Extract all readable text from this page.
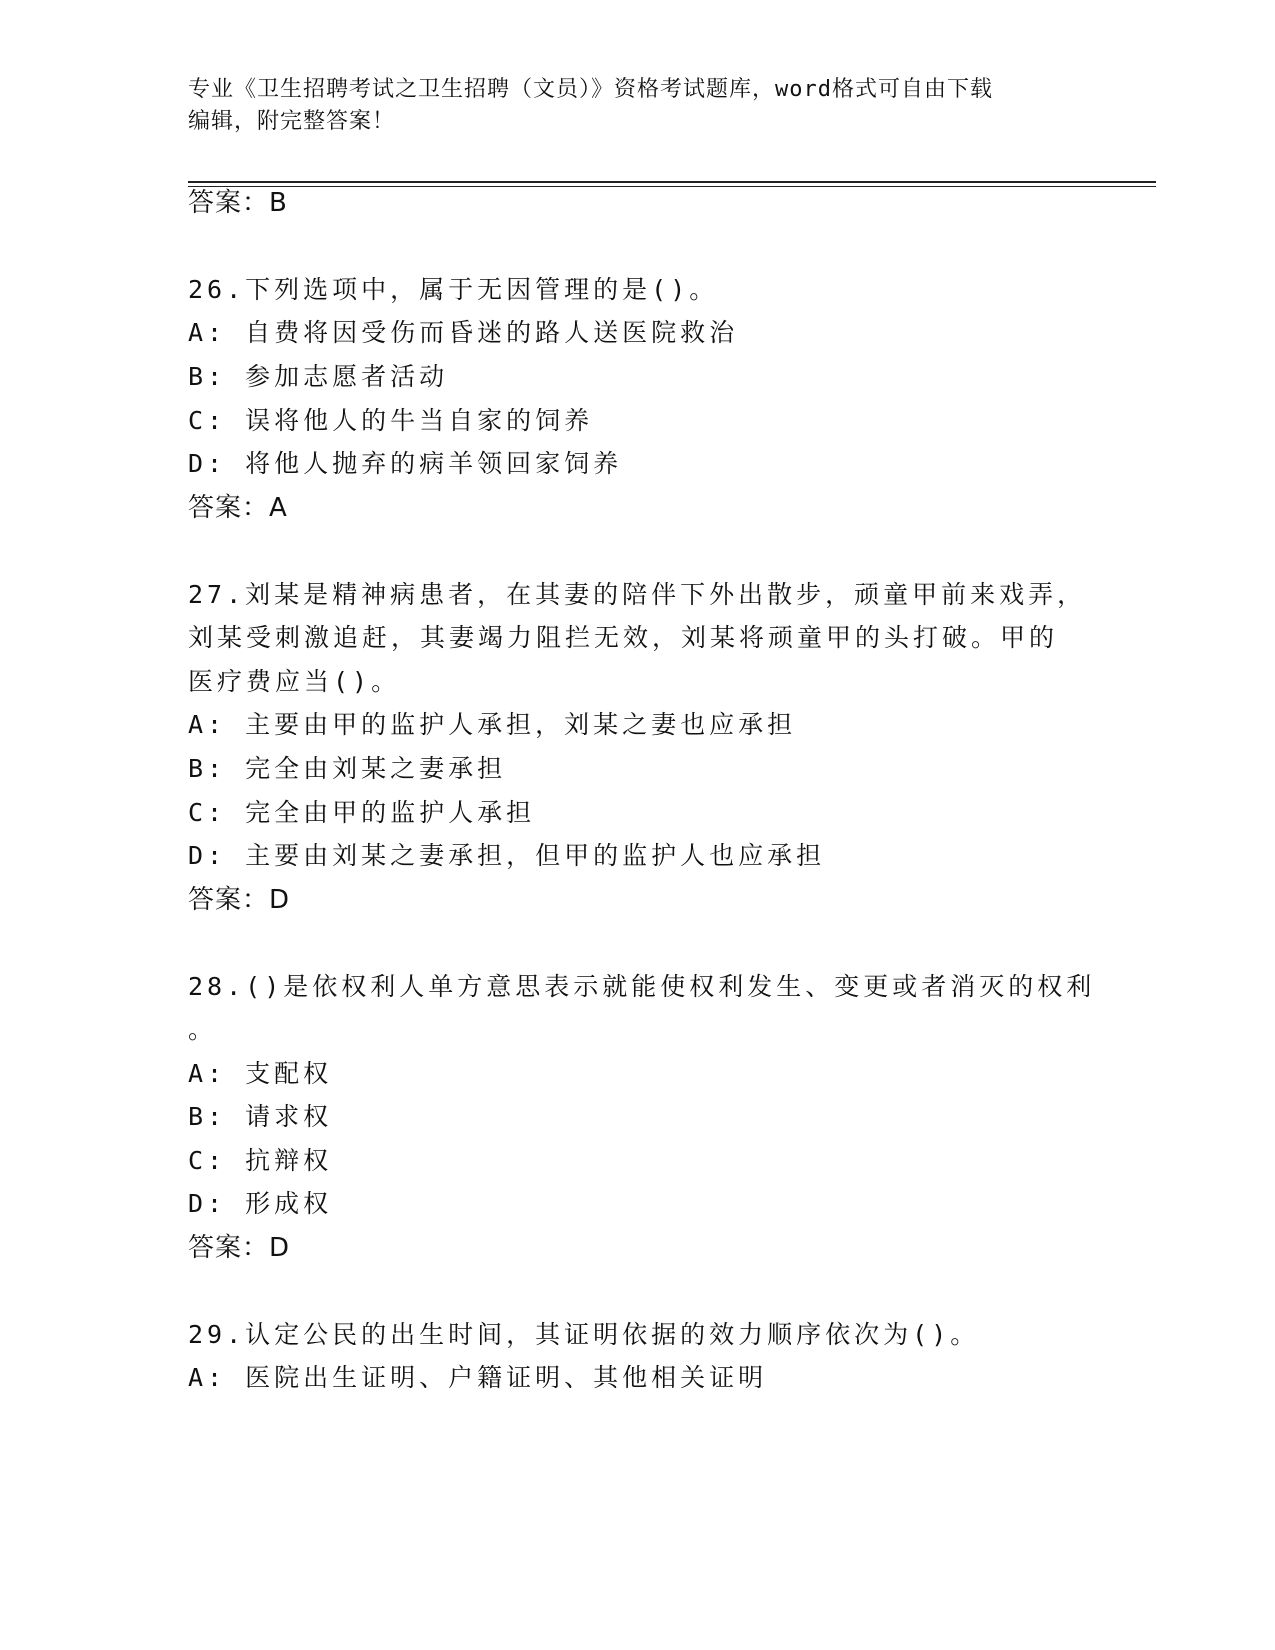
专业《卫生招聘考试之卫生招聘（文员）》资格考试题库，word格式可自由下载
编辑，附完整答案！
答案：B
26.下列选项中，属于无因管理的是()。
A: 自费将因受伤而昏迷的路人送医院救治
B: 参加志愿者活动
C: 误将他人的牛当自家的饲养
D: 将他人抛弃的病羊领回家饲养
答案：A
27.刘某是精神病患者，在其妻的陪伴下外出散步，顽童甲前来戏弄，
刘某受刺激追赶，其妻竭力阻拦无效，刘某将顽童甲的头打破。甲的
医疗费应当()。
A: 主要由甲的监护人承担，刘某之妻也应承担
B: 完全由刘某之妻承担
C: 完全由甲的监护人承担
D: 主要由刘某之妻承担，但甲的监护人也应承担
答案：D
28.()是依权利人单方意思表示就能使权利发生、变更或者消灭的权利
。
A: 支配权
B: 请求权
C: 抗辩权
D: 形成权
答案：D
29.认定公民的出生时间，其证明依据的效力顺序依次为()。
A: 医院出生证明、户籍证明、其他相关证明
